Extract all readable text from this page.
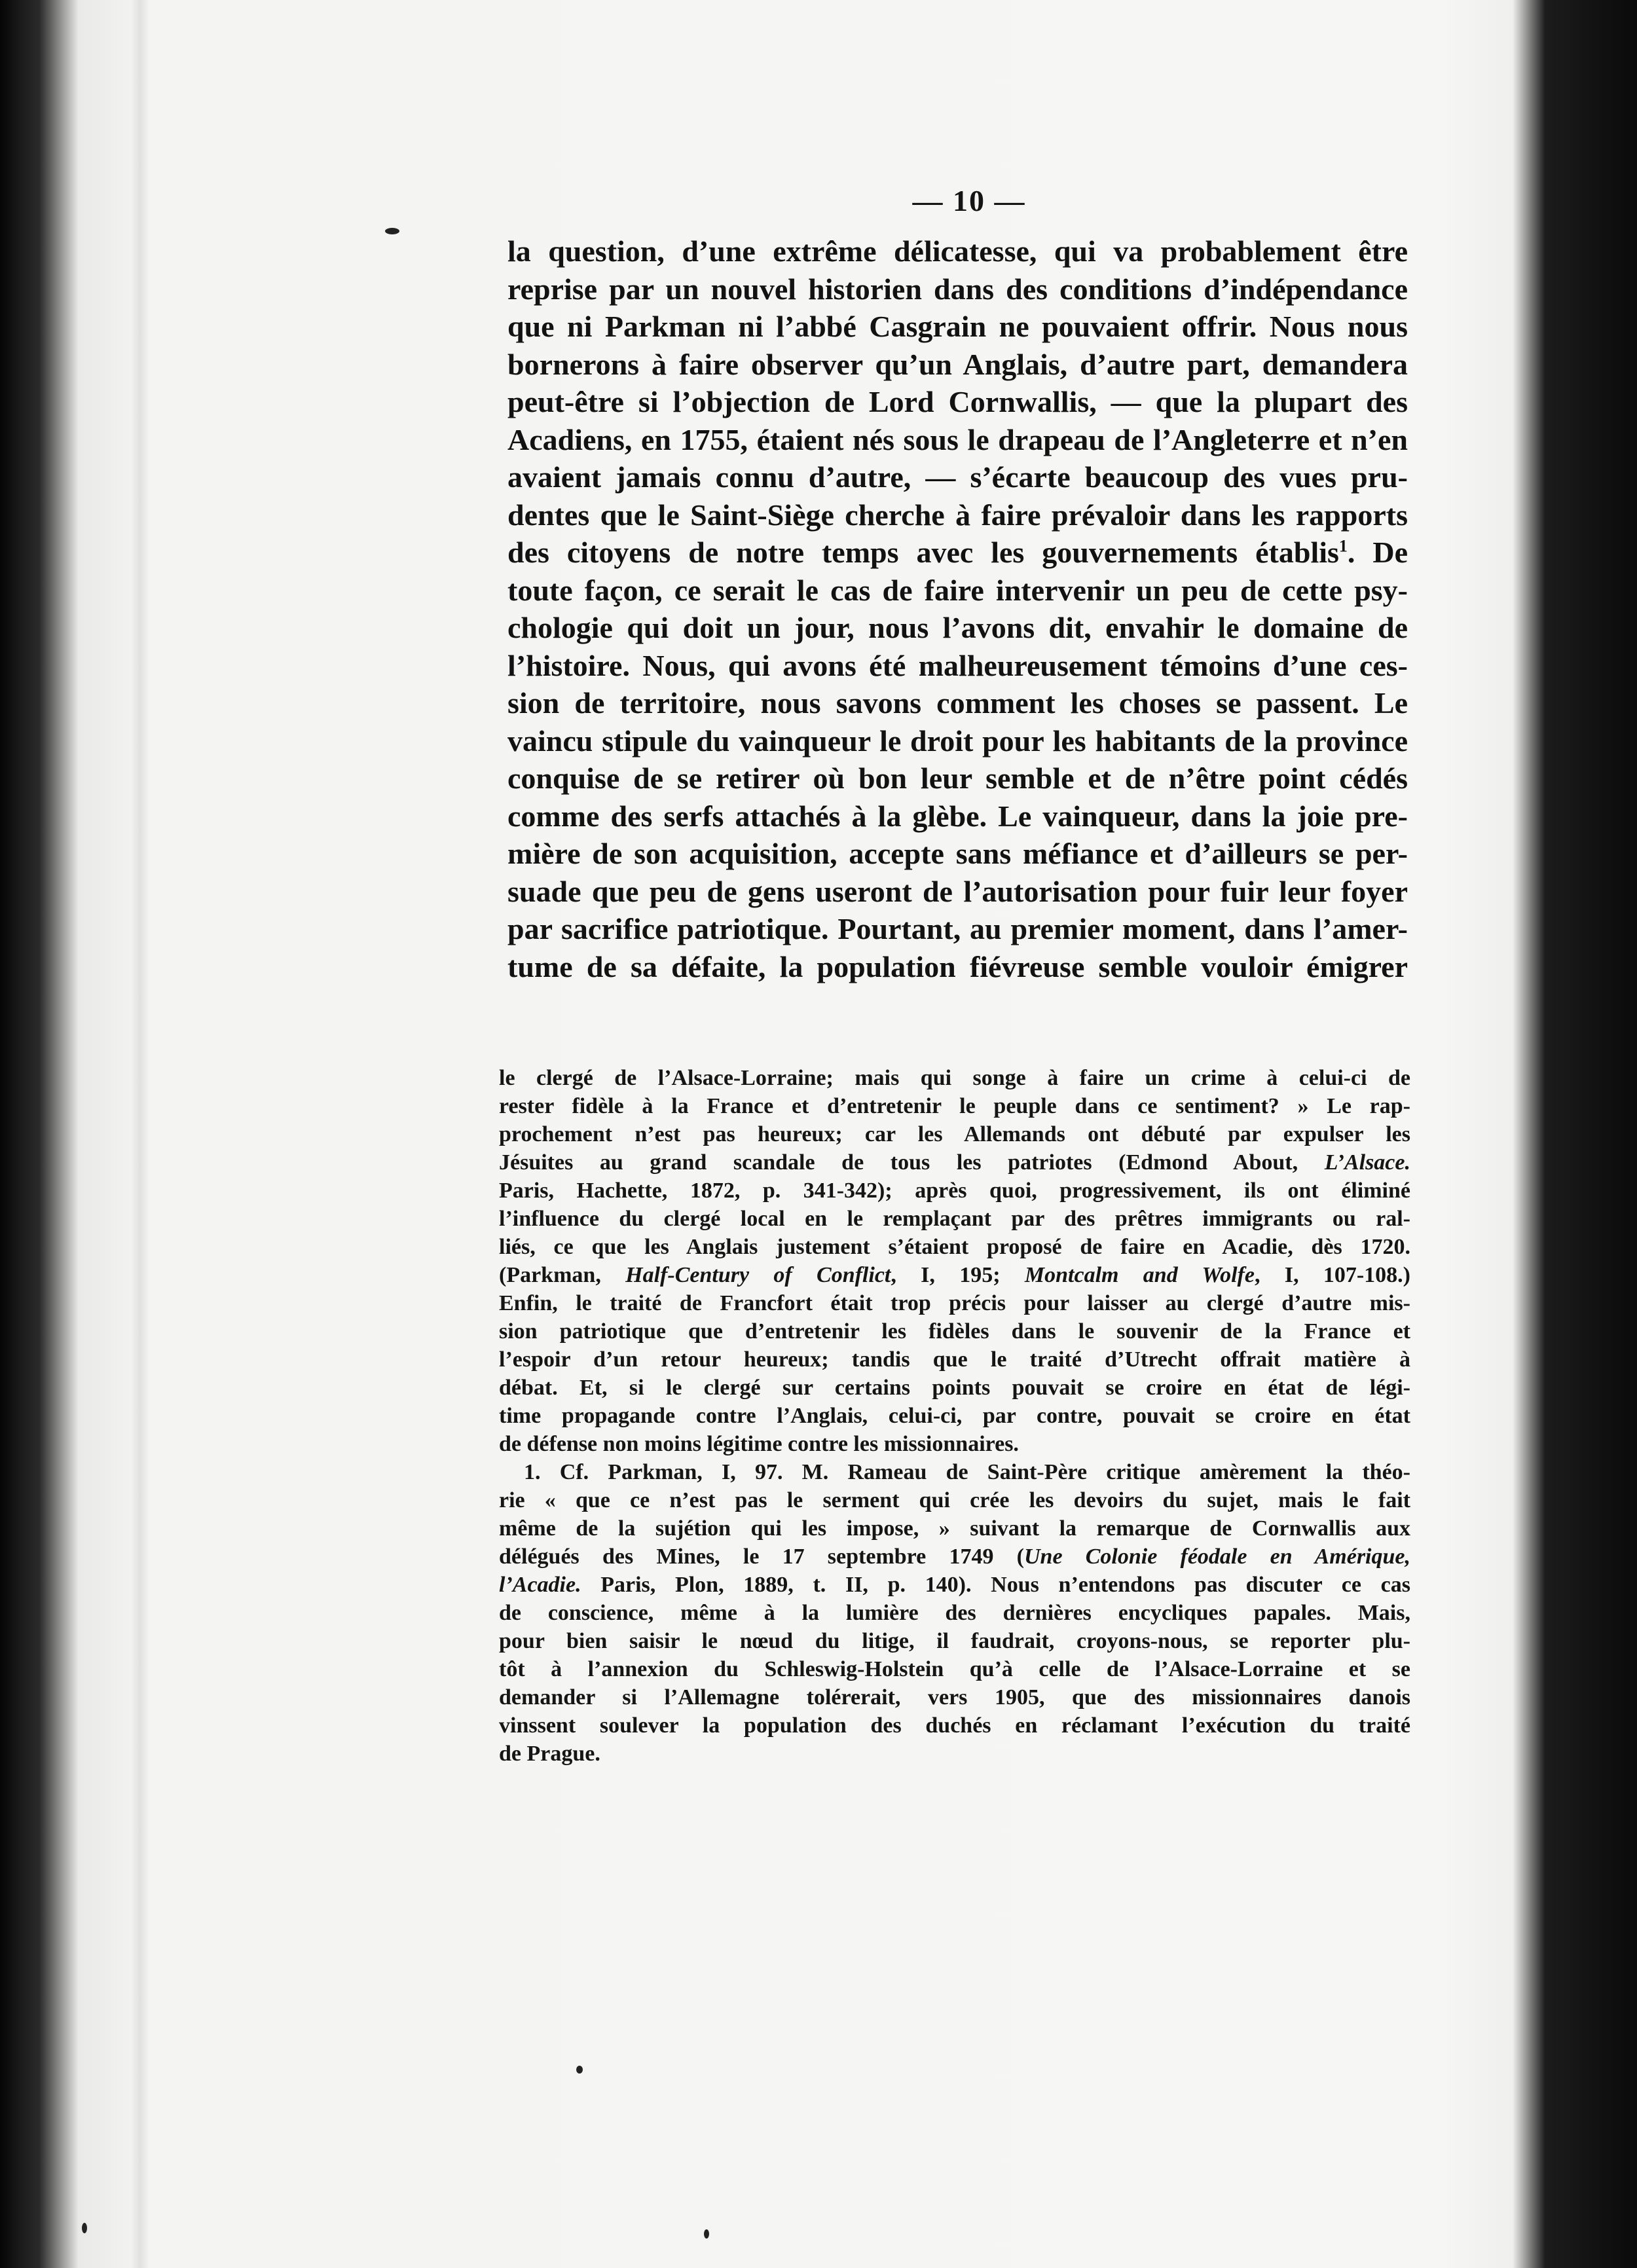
— 10 —
la question, d’une extrême délicatesse, qui va probablement être
reprise par un nouvel historien dans des conditions d’indépendance
que ni Parkman ni l’abbé Casgrain ne pouvaient offrir. Nous nous
bornerons à faire observer qu’un Anglais, d’autre part, demandera
peut-être si l’objection de Lord Cornwallis, — que la plupart des
Acadiens, en 1755, étaient nés sous le drapeau de l’Angleterre et n’en
avaient jamais connu d’autre, — s’écarte beaucoup des vues pru-
dentes que le Saint-Siège cherche à faire prévaloir dans les rapports
des citoyens de notre temps avec les gouvernements établis$^1$. De
toute façon, ce serait le cas de faire intervenir un peu de cette psy-
chologie qui doit un jour, nous l’avons dit, envahir le domaine de
l’histoire. Nous, qui avons été malheureusement témoins d’une ces-
sion de territoire, nous savons comment les choses se passent. Le
vaincu stipule du vainqueur le droit pour les habitants de la province
conquise de se retirer où bon leur semble et de n’être point cédés
comme des serfs attachés à la glèbe. Le vainqueur, dans la joie pre-
mière de son acquisition, accepte sans méfiance et d’ailleurs se per-
suade que peu de gens useront de l’autorisation pour fuir leur foyer
par sacrifice patriotique. Pourtant, au premier moment, dans l’amer-
tume de sa défaite, la population fiévreuse semble vouloir émigrer
le clergé de l’Alsace-Lorraine; mais qui songe à faire un crime à celui-ci de
rester fidèle à la France et d’entretenir le peuple dans ce sentiment? » Le rap-
prochement n’est pas heureux; car les Allemands ont débuté par expulser les
Jésuites au grand scandale de tous les patriotes (Edmond About, L’Alsace.
Paris, Hachette, 1872, p. 341-342); après quoi, progressivement, ils ont éliminé
l’influence du clergé local en le remplaçant par des prêtres immigrants ou ral-
liés, ce que les Anglais justement s’étaient proposé de faire en Acadie, dès 1720.
(Parkman, Half-Century of Conflict, I, 195; Montcalm and Wolfe, I, 107-108.)
Enfin, le traité de Francfort était trop précis pour laisser au clergé d’autre mis-
sion patriotique que d’entretenir les fidèles dans le souvenir de la France et
l’espoir d’un retour heureux; tandis que le traité d’Utrecht offrait matière à
débat. Et, si le clergé sur certains points pouvait se croire en état de légi-
time propagande contre l’Anglais, celui-ci, par contre, pouvait se croire en état
de défense non moins légitime contre les missionnaires.
1. Cf. Parkman, I, 97. M. Rameau de Saint-Père critique amèrement la théo-
rie « que ce n’est pas le serment qui crée les devoirs du sujet, mais le fait
même de la sujétion qui les impose, » suivant la remarque de Cornwallis aux
délégués des Mines, le 17 septembre 1749 (Une Colonie féodale en Amérique,
l’Acadie. Paris, Plon, 1889, t. II, p. 140). Nous n’entendons pas discuter ce cas
de conscience, même à la lumière des dernières encycliques papales. Mais,
pour bien saisir le nœud du litige, il faudrait, croyons-nous, se reporter plu-
tôt à l’annexion du Schleswig-Holstein qu’à celle de l’Alsace-Lorraine et se
demander si l’Allemagne tolérerait, vers 1905, que des missionnaires danois
vinssent soulever la population des duchés en réclamant l’exécution du traité
de Prague.
